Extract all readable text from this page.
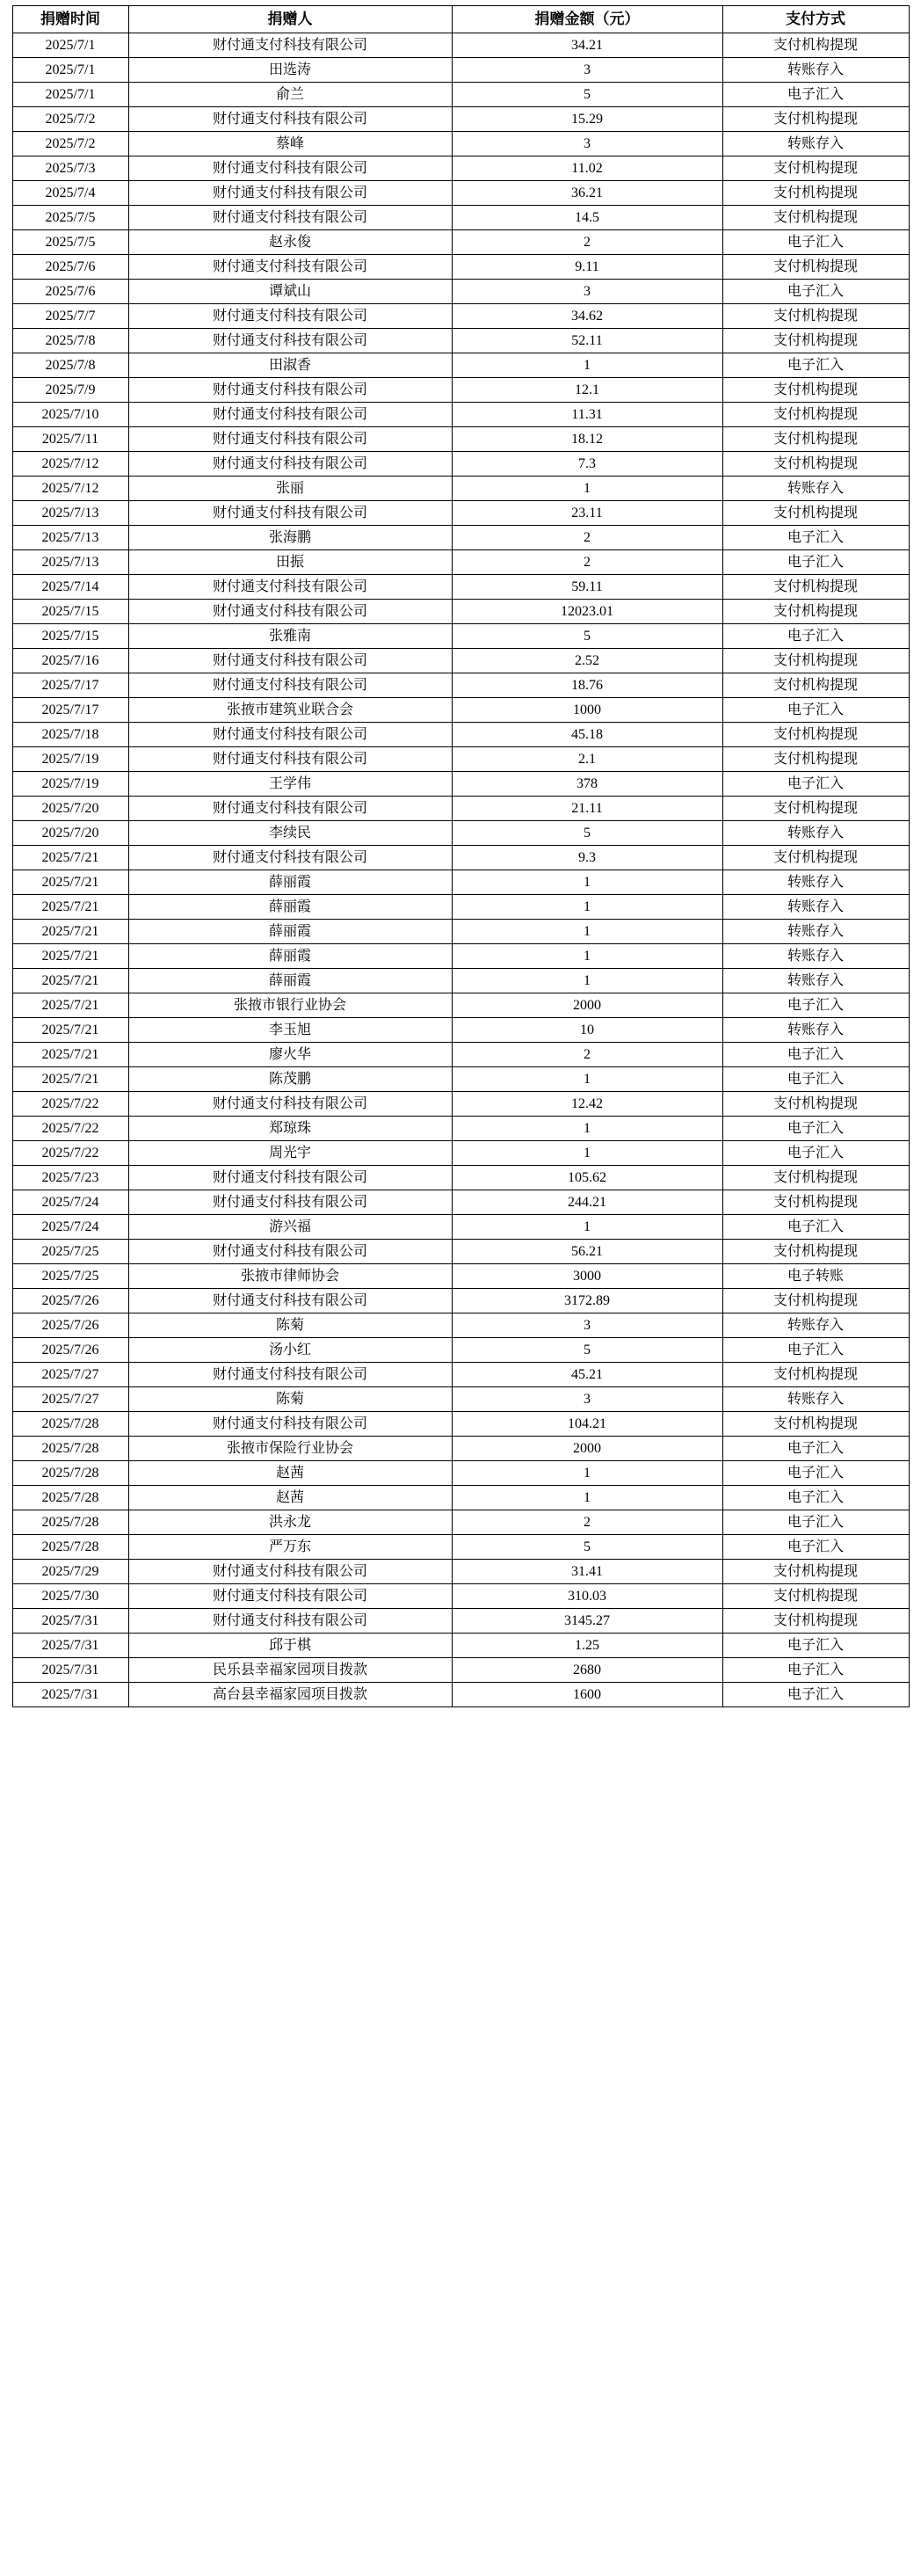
捐赠时间	捐赠人	捐赠金额（元）	支付方式
2025/7/1	财付通支付科技有限公司	34.21	支付机构提现
2025/7/1	田选涛	3	转账存入
2025/7/1	俞兰	5	电子汇入
2025/7/2	财付通支付科技有限公司	15.29	支付机构提现
2025/7/2	蔡峰	3	转账存入
2025/7/3	财付通支付科技有限公司	11.02	支付机构提现
2025/7/4	财付通支付科技有限公司	36.21	支付机构提现
2025/7/5	财付通支付科技有限公司	14.5	支付机构提现
2025/7/5	赵永俊	2	电子汇入
2025/7/6	财付通支付科技有限公司	9.11	支付机构提现
2025/7/6	谭斌山	3	电子汇入
2025/7/7	财付通支付科技有限公司	34.62	支付机构提现
2025/7/8	财付通支付科技有限公司	52.11	支付机构提现
2025/7/8	田淑香	1	电子汇入
2025/7/9	财付通支付科技有限公司	12.1	支付机构提现
2025/7/10	财付通支付科技有限公司	11.31	支付机构提现
2025/7/11	财付通支付科技有限公司	18.12	支付机构提现
2025/7/12	财付通支付科技有限公司	7.3	支付机构提现
2025/7/12	张丽	1	转账存入
2025/7/13	财付通支付科技有限公司	23.11	支付机构提现
2025/7/13	张海鹏	2	电子汇入
2025/7/13	田振	2	电子汇入
2025/7/14	财付通支付科技有限公司	59.11	支付机构提现
2025/7/15	财付通支付科技有限公司	12023.01	支付机构提现
2025/7/15	张雅南	5	电子汇入
2025/7/16	财付通支付科技有限公司	2.52	支付机构提现
2025/7/17	财付通支付科技有限公司	18.76	支付机构提现
2025/7/17	张掖市建筑业联合会	1000	电子汇入
2025/7/18	财付通支付科技有限公司	45.18	支付机构提现
2025/7/19	财付通支付科技有限公司	2.1	支付机构提现
2025/7/19	王学伟	378	电子汇入
2025/7/20	财付通支付科技有限公司	21.11	支付机构提现
2025/7/20	李续民	5	转账存入
2025/7/21	财付通支付科技有限公司	9.3	支付机构提现
2025/7/21	薛丽霞	1	转账存入
2025/7/21	薛丽霞	1	转账存入
2025/7/21	薛丽霞	1	转账存入
2025/7/21	薛丽霞	1	转账存入
2025/7/21	薛丽霞	1	转账存入
2025/7/21	张掖市银行业协会	2000	电子汇入
2025/7/21	李玉旭	10	转账存入
2025/7/21	廖火华	2	电子汇入
2025/7/21	陈茂鹏	1	电子汇入
2025/7/22	财付通支付科技有限公司	12.42	支付机构提现
2025/7/22	郑琼珠	1	电子汇入
2025/7/22	周光宇	1	电子汇入
2025/7/23	财付通支付科技有限公司	105.62	支付机构提现
2025/7/24	财付通支付科技有限公司	244.21	支付机构提现
2025/7/24	游兴福	1	电子汇入
2025/7/25	财付通支付科技有限公司	56.21	支付机构提现
2025/7/25	张掖市律师协会	3000	电子转账
2025/7/26	财付通支付科技有限公司	3172.89	支付机构提现
2025/7/26	陈菊	3	转账存入
2025/7/26	汤小红	5	电子汇入
2025/7/27	财付通支付科技有限公司	45.21	支付机构提现
2025/7/27	陈菊	3	转账存入
2025/7/28	财付通支付科技有限公司	104.21	支付机构提现
2025/7/28	张掖市保险行业协会	2000	电子汇入
2025/7/28	赵茜	1	电子汇入
2025/7/28	赵茜	1	电子汇入
2025/7/28	洪永龙	2	电子汇入
2025/7/28	严万东	5	电子汇入
2025/7/29	财付通支付科技有限公司	31.41	支付机构提现
2025/7/30	财付通支付科技有限公司	310.03	支付机构提现
2025/7/31	财付通支付科技有限公司	3145.27	支付机构提现
2025/7/31	邱于棋	1.25	电子汇入
2025/7/31	民乐县幸福家园项目拨款	2680	电子汇入
2025/7/31	高台县幸福家园项目拨款	1600	电子汇入
